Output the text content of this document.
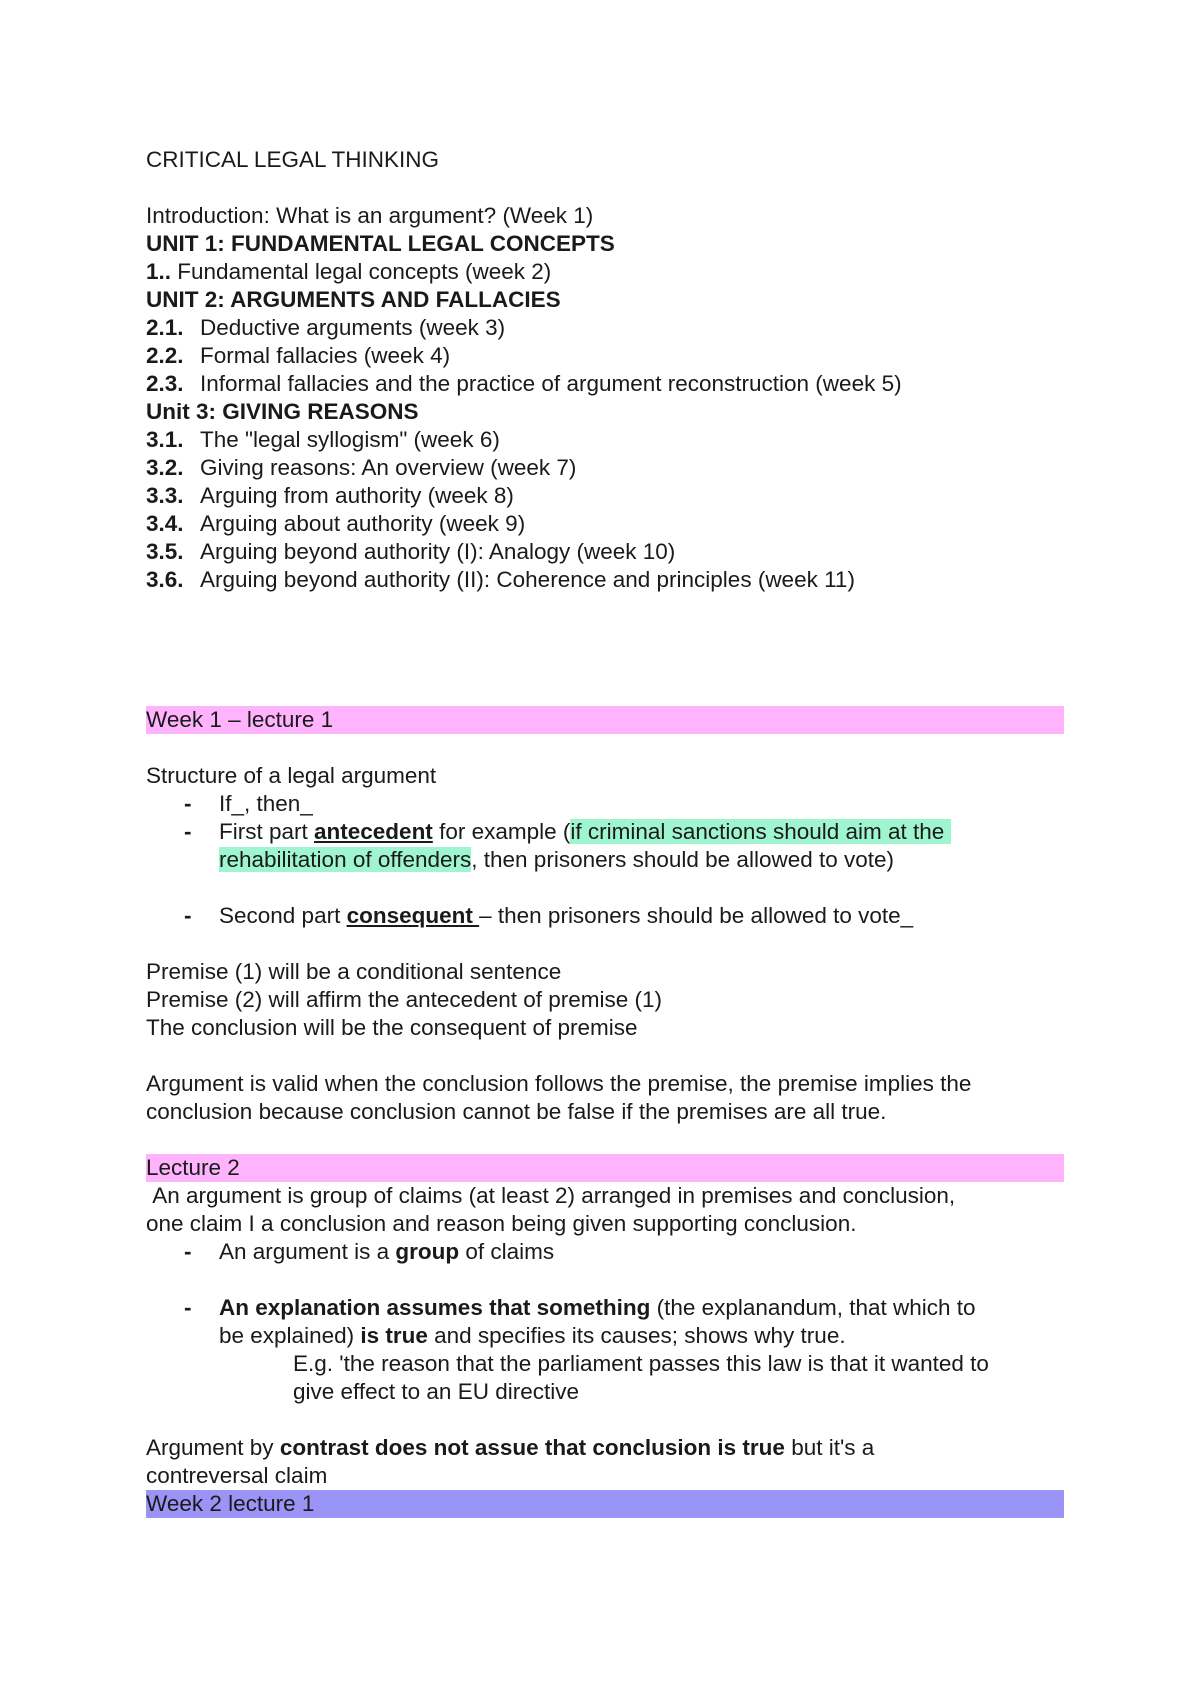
CRITICAL LEGAL THINKING
Introduction: What is an argument? (Week 1)
UNIT 1: FUNDAMENTAL LEGAL CONCEPTS
1.. Fundamental legal concepts (week 2)
UNIT 2: ARGUMENTS AND FALLACIES
2.1. Deductive arguments (week 3)
2.2. Formal fallacies (week 4)
2.3. Informal fallacies and the practice of argument reconstruction (week 5)
Unit 3: GIVING REASONS
3.1. The "legal syllogism" (week 6)
3.2. Giving reasons: An overview (week 7)
3.3. Arguing from authority (week 8)
3.4. Arguing about authority (week 9)
3.5. Arguing beyond authority (I): Analogy (week 10)
3.6. Arguing beyond authority (II): Coherence and principles (week 11)
Week 1 – lecture 1
Structure of a legal argument
- If_, then_
- First part antecedent for example (if criminal sanctions should aim at the
rehabilitation of offenders, then prisoners should be allowed to vote)
- Second part consequent – then prisoners should be allowed to vote_
Premise (1) will be a conditional sentence
Premise (2) will affirm the antecedent of premise (1)
The conclusion will be the consequent of premise
Argument is valid when the conclusion follows the premise, the premise implies the
conclusion because conclusion cannot be false if the premises are all true.
Lecture 2
An argument is group of claims (at least 2) arranged in premises and conclusion,
one claim I a conclusion and reason being given supporting conclusion.
- An argument is a group of claims
- An explanation assumes that something (the explanandum, that which to
be explained) is true and specifies its causes; shows why true.
E.g. 'the reason that the parliament passes this law is that it wanted to
give effect to an EU directive
Argument by contrast does not assue that conclusion is true but it's a
contreversal claim
Week 2 lecture 1
